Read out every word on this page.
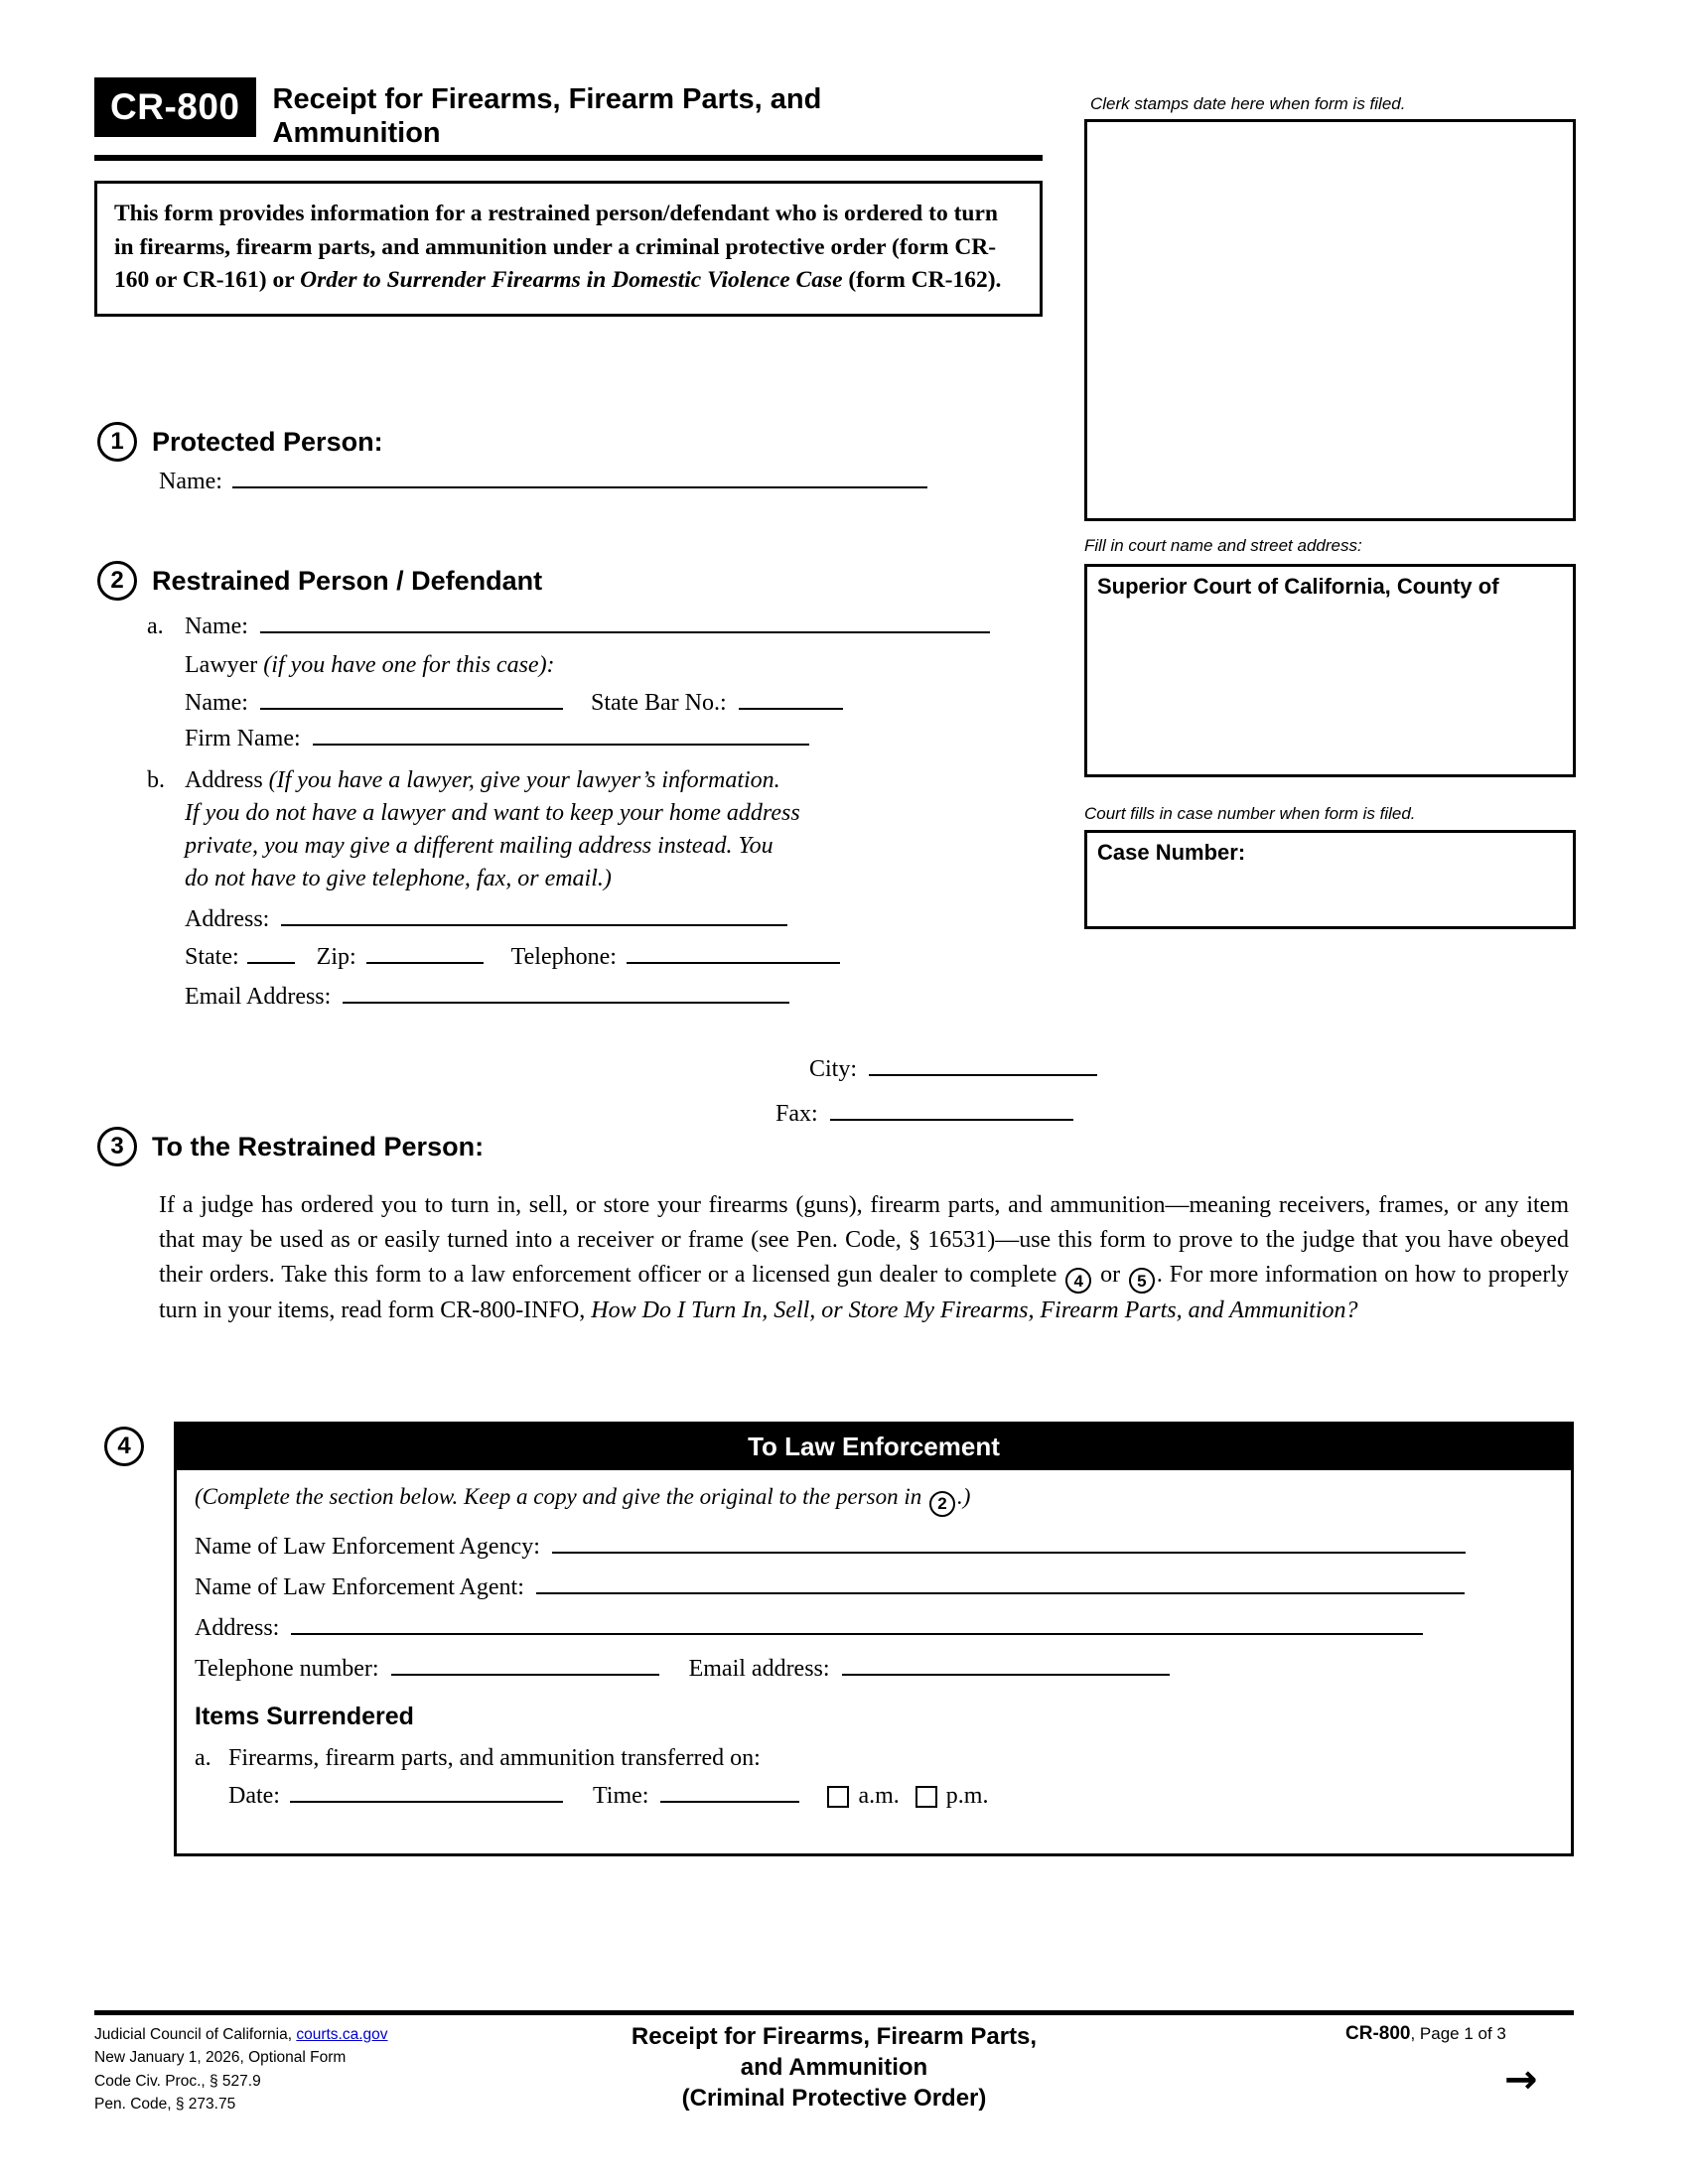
CR-800	Receipt for Firearms, Firearm Parts, and
Ammunition
This form provides information for a restrained person/defendant who is ordered to turn in firearms, firearm parts, and ammunition under a criminal protective order (form CR-160 or CR-161) or Order to Surrender Firearms in Domestic Violence Case (form CR-162).
Clerk stamps date here when form is filed.
Fill in court name and street address:
Superior Court of California, County of
Court fills in case number when form is filed.
Case Number:
1	Protected Person:
Name:
2	Restrained Person / Defendant
a. Name:
Lawyer (if you have one for this case):
Name:	State Bar No.:
Firm Name:
b. Address (If you have a lawyer, give your lawyer’s information. If you do not have a lawyer and want to keep your home address private, you may give a different mailing address instead. You do not have to give telephone, fax, or email.)
Address:
City:
State:	Zip:	Telephone:
Fax:
Email Address:
3	To the Restrained Person:
If a judge has ordered you to turn in, sell, or store your firearms (guns), firearm parts, and ammunition—meaning receivers, frames, or any item that may be used as or easily turned into a receiver or frame (see Pen. Code, § 16531)—use this form to prove to the judge that you have obeyed their orders. Take this form to a law enforcement officer or a licensed gun dealer to complete 4 or 5 . For more information on how to properly turn in your items, read form CR-800-INFO, How Do I Turn In, Sell, or Store My Firearms, Firearm Parts, and Ammunition?
4	To Law Enforcement
(Complete the section below. Keep a copy and give the original to the person in 2 .)
Name of Law Enforcement Agency:
Name of Law Enforcement Agent:
Address:
Telephone number:	Email address:
Items Surrendered
a. Firearms, firearm parts, and ammunition transferred on:
Date:	Time:	a.m. p.m.
Judicial Council of California, courts.ca.gov
New January 1, 2026, Optional Form
Code Civ. Proc., § 527.9
Pen. Code, § 273.75
Receipt for Firearms, Firearm Parts,
and Ammunition
(Criminal Protective Order)
CR-800, Page 1 of 3
→
